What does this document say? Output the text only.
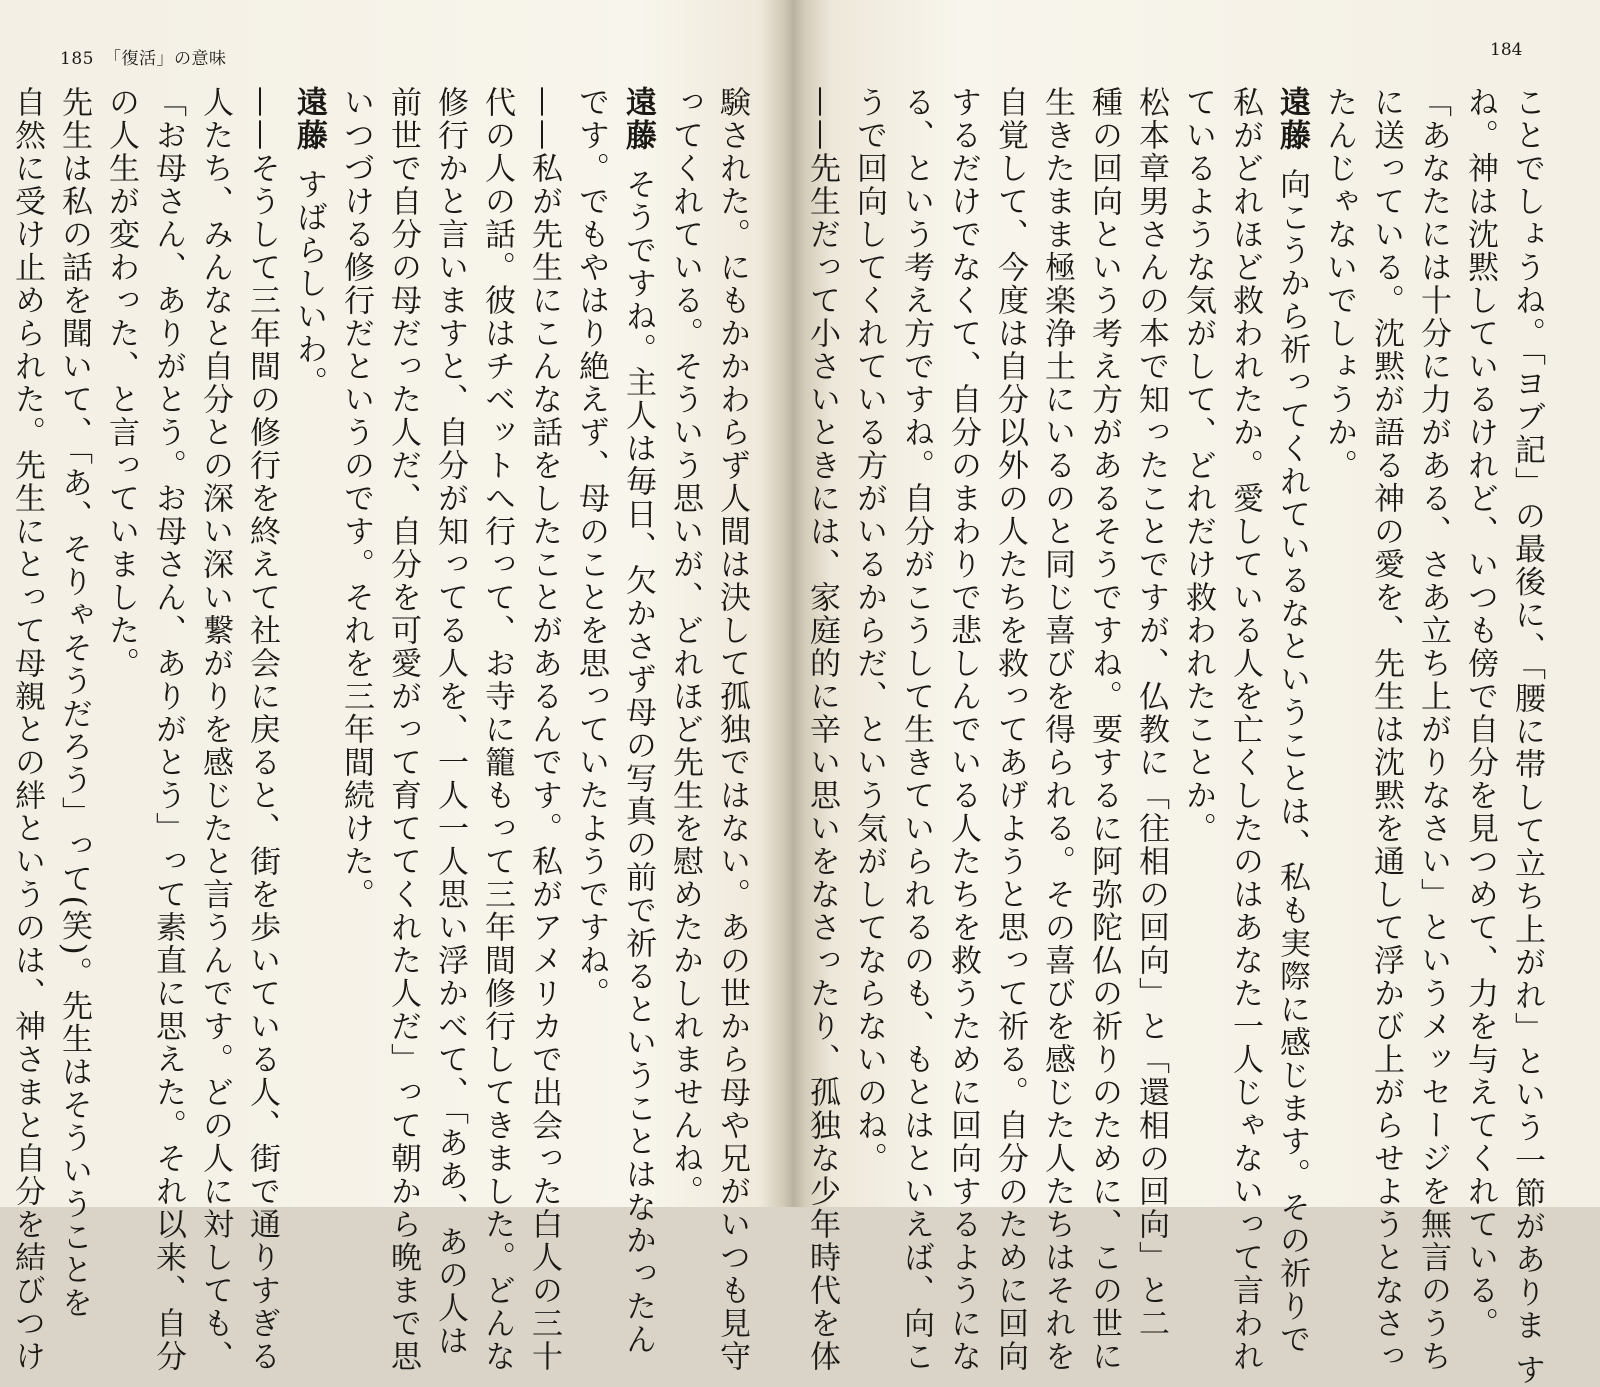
185 「復活」の意味
験された。にもかかわらず人間は決して孤独ではない。あの世から母や兄がいつも見守
ってくれている。そういう思いが、どれほど先生を慰めたかしれませんね。
遠藤そうですね。主人は毎日、欠かさず母の写真の前で祈るということはなかったん
です。でもやはり絶えず、母のことを思っていたようですね。
——私が先生にこんな話をしたことがあるんです。私がアメリカで出会った白人の三十
代の人の話。彼はチベットへ行って、お寺に籠もって三年間修行してきました。どんな
修行かと言いますと、自分が知ってる人を、一人一人思い浮かべて、「ああ、あの人は
前世で自分の母だった人だ、自分を可愛がって育ててくれた人だ」って朝から晩まで思
いつづける修行だというのです。それを三年間続けた。
遠藤すばらしいわ。
——そうして三年間の修行を終えて社会に戻ると、街を歩いている人、街で通りすぎる
人たち、みんなと自分との深い深い繋がりを感じたと言うんです。どの人に対しても、
「お母さん、ありがとう。お母さん、ありがとう」って素直に思えた。それ以来、自分
の人生が変わった、と言っていました。
先生は私の話を聞いて、「あ、そりゃそうだろう」って(笑)。先生はそういうことを
自然に受け止められた。先生にとって母親との絆というのは、神さまと自分を結びつけ
184
ことでしょうね。「ヨブ記」の最後に、「腰に帯して立ち上がれ」という一節がありま す
ね。神は沈黙しているけれど、いつも傍で自分を見つめて、力を与えてくれている。
「あなたには十分に力がある、さあ立ち上がりなさい」というメッセージを無言のうち
に送っている。沈黙が語る神の愛を、先生は沈黙を通して浮かび上がらせようとなさっ
たんじゃないでしょうか。
遠藤向こうから祈ってくれているなということは、私も実際に感じます。その祈りで
私がどれほど救われたか。愛している人を亡くしたのはあなた一人じゃないって言われ
ているような気がして、どれだけ救われたことか。
松本章男さんの本で知ったことですが、仏教に「往相の回向」と「還相の回向」と二
種の回向という考え方があるそうですね。要するに阿弥陀仏の祈りのために、この世に
生きたまま極楽浄土にいるのと同じ喜びを得られる。その喜びを感じた人たちはそれを
自覚して、今度は自分以外の人たちを救ってあげようと思って祈る。自分のために回向
するだけでなくて、自分のまわりで悲しんでいる人たちを救うために回向するようにな
る、という考え方ですね。自分がこうして生きていられるのも、もとはといえば、向こ
うで回向してくれている方がいるからだ、という気がしてならないのね。
——先生だって小さいときには、家庭的に辛い思いをなさったり、孤独な少年時代を体
